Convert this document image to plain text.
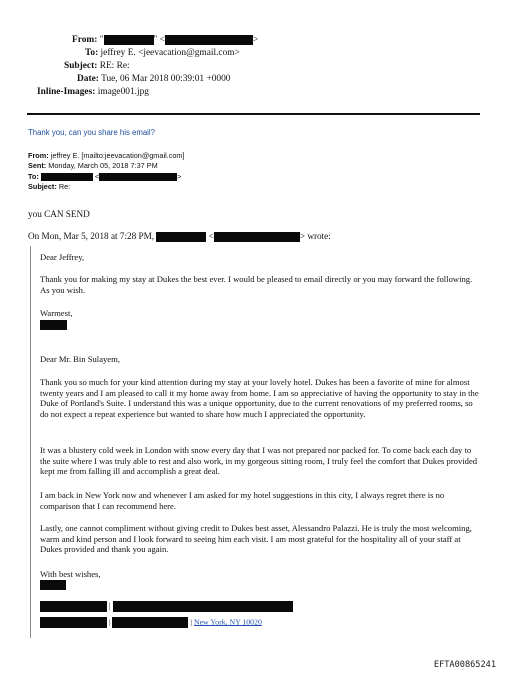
From: "	" <	>
To: jeffrey E. <jeevacation@gmail.com>
Subject: RE: Re:
Date: Tue, 06 Mar 2018 00:39:01 +0000
Inline-Images: image001.jpg
Thank you, can you share his email?
From: jeffrey E. [mailto:jeevacation@gmail.com]
Sent: Monday, March 05, 2018 7:37 PM
To:	<	>
Subject: Re:
you CAN SEND
On Mon, Mar 5, 2018 at 7:28 PM,	<	> wrote:
Dear Jeffrey,
Thank you for making my stay at Dukes the best ever. I would be pleased to email directly or you may forward the following. As you wish.
Warmest,
Dear Mr. Bin Sulayem,
Thank you so much for your kind attention during my stay at your lovely hotel. Dukes has been a favorite of mine for almost twenty years and I am pleased to call it my home away from home. I am so appreciative of having the opportunity to stay in the Duke of Portland's Suite. I understand this was a unique opportunity, due to the current renovations of my preferred rooms, so do not expect a repeat experience but wanted to share how much I appreciated the opportunity.
It was a blustery cold week in London with snow every day that I was not prepared nor packed for. To come back each day to the suite where I was truly able to rest and also work, in my gorgeous sitting room, I truly feel the comfort that Dukes provided kept me from falling ill and accomplish a great deal.
I am back in New York now and whenever I am asked for my hotel suggestions in this city, I always regret there is no comparison that I can recommend here.
Lastly, one cannot compliment without giving credit to Dukes best asset, Alessandro Palazzi. He is truly the most welcoming, warm and kind person and I look forward to seeing him each visit. I am most grateful for the hospitality all of your staff at Dukes provided and thank you again.
With best wishes,
|
|	| New York, NY 10020
EFTA00865241
